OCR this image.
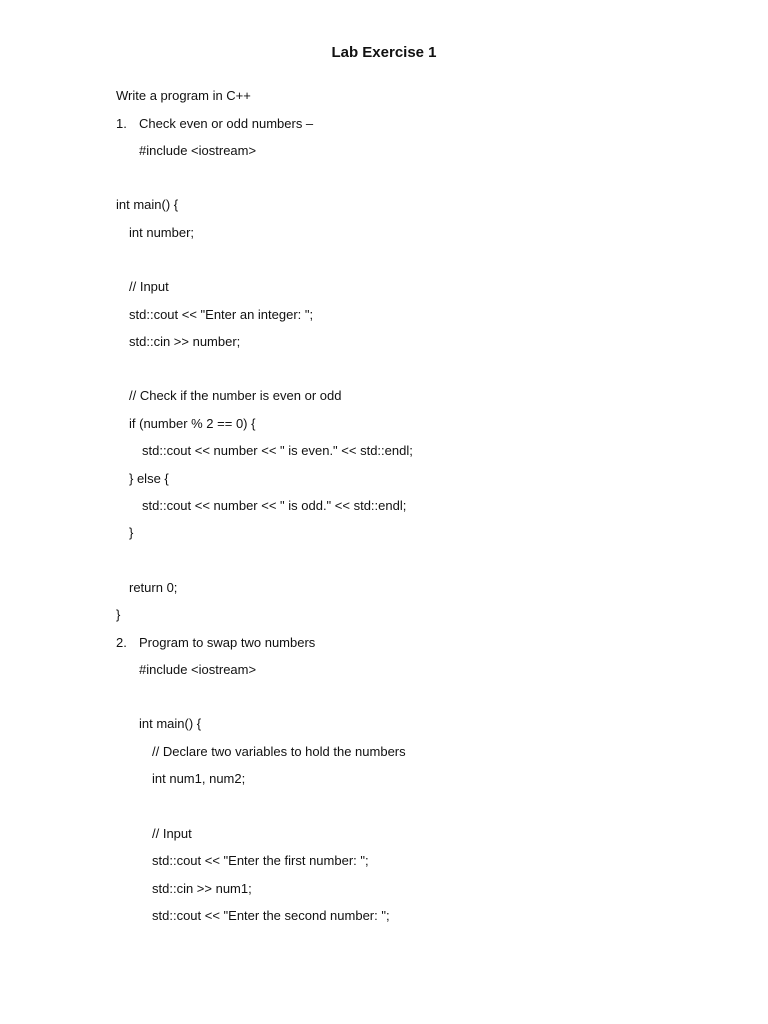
Lab Exercise 1
Write a program in C++
1. Check even or odd numbers –
#include <iostream>
int main() {
int number;
// Input
std::cout << "Enter an integer: ";
std::cin >> number;
// Check if the number is even or odd
if (number % 2 == 0) {
std::cout << number << " is even." << std::endl;
} else {
std::cout << number << " is odd." << std::endl;
}
return 0;
}
2. Program to swap two numbers
#include <iostream>
int main() {
// Declare two variables to hold the numbers
int num1, num2;
// Input
std::cout << "Enter the first number: ";
std::cin >> num1;
std::cout << "Enter the second number: ";
